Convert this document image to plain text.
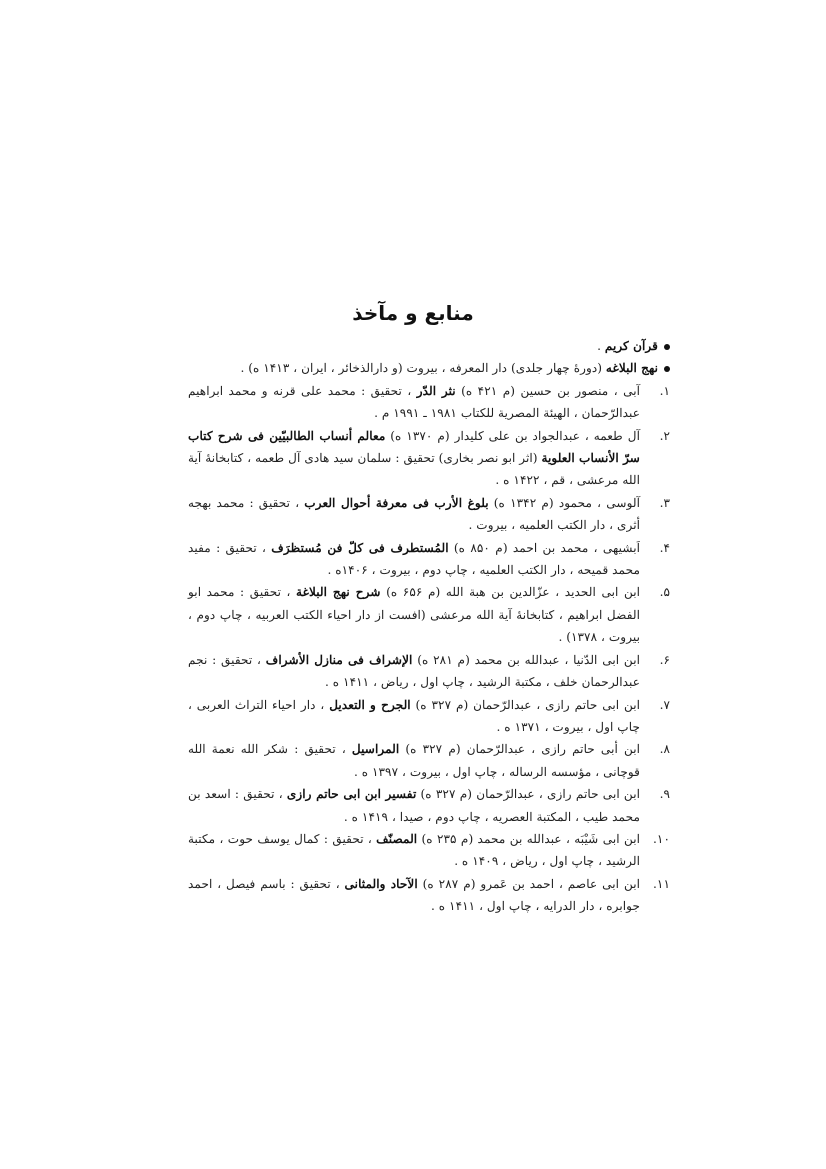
منابع و مآخذ
قرآن کریم .
نهج البلاغه (دورهٔ چهار جلدی) دار المعرفه ، بیروت (و دارالذخائر ، ایران ، ۱۴۱۳ ه) .
۱.
آبی ، منصور بن حسین (م ۴۲۱ ه) نثر الدّر ، تحقیق : محمد علی قرنه و محمد ابراهیم عبدالرّحمان ، الهیئة المصریة للکتاب ۱۹۸۱ ـ ۱۹۹۱ م .
۲.
آل طعمه ، عبدالجواد بن علی کلیدار (م ۱۳۷۰ ه) معالم أنساب الطالبیّین فی شرح کتاب سرّ الأنساب العلویة (اثر ابو نصر بخاری) تحقیق : سلمان سید هادی آل طعمه ، کتابخانهٔ آیة الله مرعشی ، قم ، ۱۴۲۲ ه .
۳.
آلوسی ، محمود (م ۱۳۴۲ ه) بلوغ الأرب فی معرفة أحوال العرب ، تحقیق : محمد بهجه أثری ، دار الکتب العلمیه ، بیروت .
۴.
اَبشیهی ، محمد بن احمد (م ۸۵۰ ه) المُستطرف فی کلّ فن مُستظرَف ، تحقیق : مفید محمد قمیحه ، دار الکتب العلمیه ، چاپ دوم ، بیروت ، ۱۴۰۶ه .
۵.
ابن ابی الحدید ، عزّالدین بن هبة الله (م ۶۵۶ ه) شرح نهج البلاغة ، تحقیق : محمد ابو الفضل ابراهیم ، کتابخانهٔ آیة الله مرعشی (افست از دار احیاء الکتب العربیه ، چاپ دوم ، بیروت ، ۱۳۷۸) .
۶.
ابن ابی الدّنیا ، عبدالله بن محمد (م ۲۸۱ ه) الإشراف فی منازل الأشراف ، تحقیق : نجم عبدالرحمان خلف ، مکتبة الرشید ، چاپ اول ، ریاض ، ۱۴۱۱ ه .
۷.
ابن ابی حاتم رازی ، عبدالرّحمان (م ۳۲۷ ه) الجرح و التعدیل ، دار احیاء التراث العربی ، چاپ اول ، بیروت ، ۱۳۷۱ ه .
۸.
ابن أبی حاتم رازی ، عبدالرّحمان (م ۳۲۷ ه) المراسیل ، تحقیق : شکر الله نعمة الله قوچانی ، مؤسسه الرساله ، چاپ اول ، بیروت ، ۱۳۹۷ ه .
۹.
ابن ابی حاتم رازی ، عبدالرّحمان (م ۳۲۷ ه) تفسیر ابن ابی حاتم رازی ، تحقیق : اسعد بن محمد طیب ، المکتبة العصریه ، چاپ دوم ، صیدا ، ۱۴۱۹ ه .
۱۰.
ابن ابی شَیْبَه ، عبدالله بن محمد (م ۲۳۵ ه) المصنّف ، تحقیق : کمال یوسف حوت ، مکتبة الرشید ، چاپ اول ، ریاض ، ۱۴۰۹ ه .
۱۱.
ابن ابی عاصم ، احمد بن عَمرو (م ۲۸۷ ه) الآحاد والمثانی ، تحقیق : باسم فیصل ، احمد جوابره ، دار الدرایه ، چاپ اول ، ۱۴۱۱ ه .
